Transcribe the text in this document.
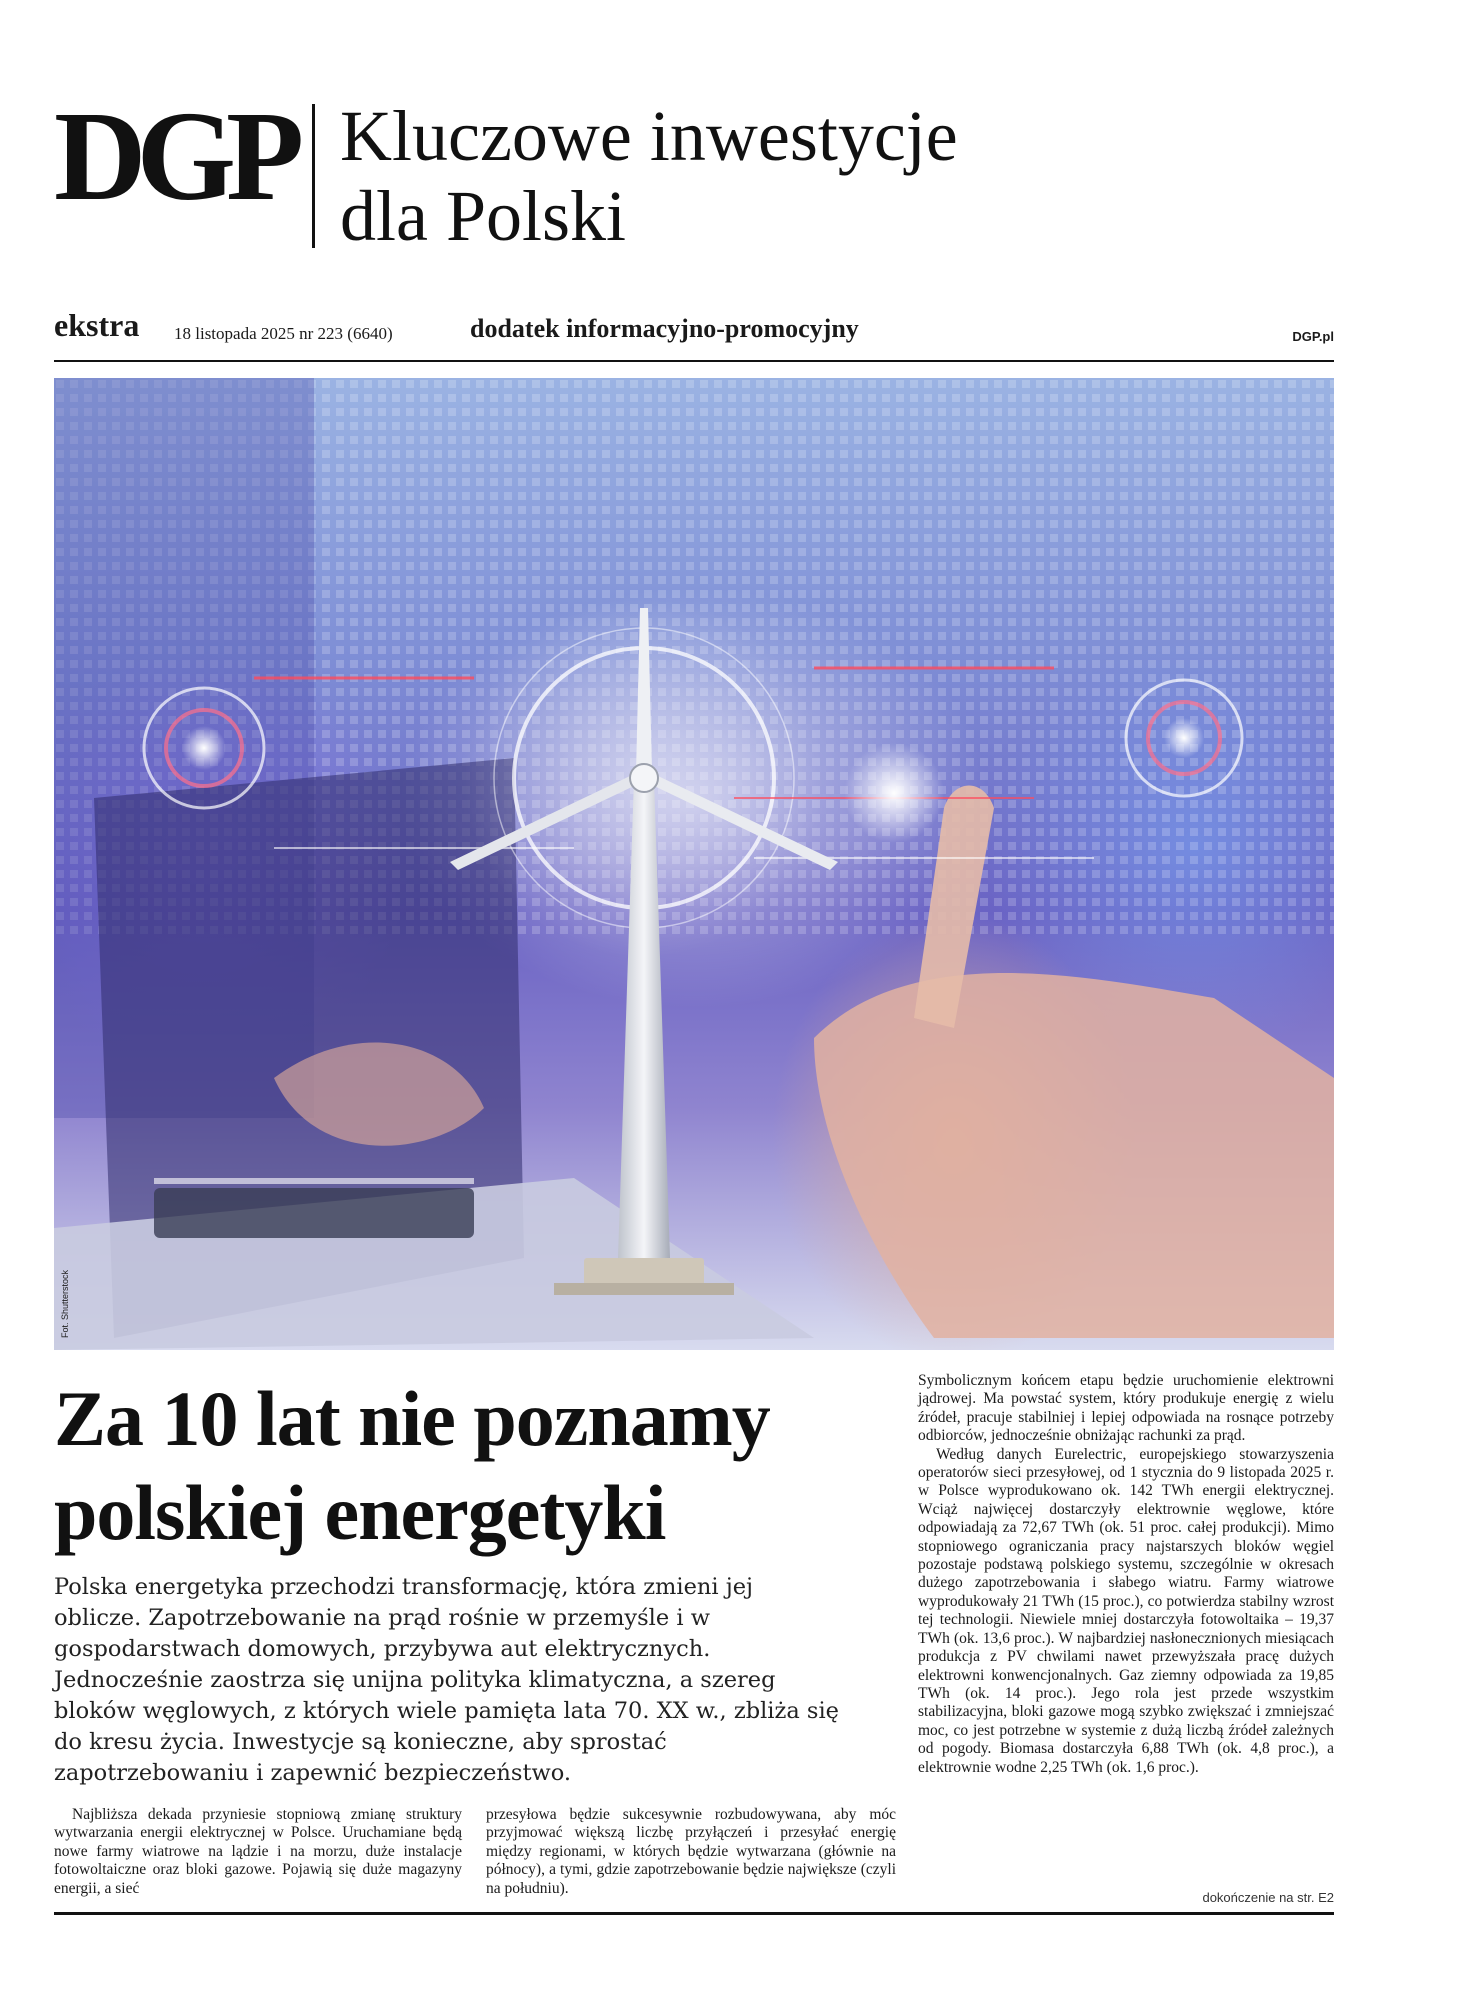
DGP Kluczowe inwestycje
dla Polski
ekstra 18 listopada 2025 nr 223 (6640)	dodatek informacyjno-promocyjny	DGP.pl
Fot. Shutterstock
Za 10 lat nie poznamy
polskiej energetyki

Polska energetyka przechodzi transformację, która zmieni jej oblicze. Zapotrzebowanie na prąd rośnie w przemyśle i w gospodarstwach domowych, przybywa aut elektrycznych. Jednocześnie zaostrza się unijna polityka klimatyczna, a szereg bloków węglowych, z których wiele pamięta lata 70. XX w., zbliża się do kresu życia. Inwestycje są konieczne, aby sprostać zapotrzebowaniu i zapewnić bezpieczeństwo.

Najbliższa dekada przyniesie stopniową zmianę struktury wytwarzania energii elektrycznej w Polsce. Uruchamiane będą nowe farmy wiatrowe na lądzie i na morzu, duże instalacje fotowoltaiczne oraz bloki gazowe. Pojawią się duże magazyny energii, a sieć

przesyłowa będzie sukcesywnie rozbudowywana, aby móc przyjmować większą liczbę przyłączeń i przesyłać energię między regionami, w których będzie wytwarzana (głównie na północy), a tymi, gdzie zapotrzebowanie będzie największe (czyli na południu).

Symbolicznym końcem etapu będzie uruchomienie elektrowni jądrowej. Ma powstać system, który produkuje energię z wielu źródeł, pracuje stabilniej i lepiej odpowiada na rosnące potrzeby odbiorców, jednocześnie obniżając rachunki za prąd.

Według danych Eurelectric, europejskiego stowarzyszenia operatorów sieci przesyłowej, od 1 stycznia do 9 listopada 2025 r. w Polsce wyprodukowano ok. 142 TWh energii elektrycznej. Wciąż najwięcej dostarczyły elektrownie węglowe, które odpowiadają za 72,67 TWh (ok. 51 proc. całej produkcji). Mimo stopniowego ograniczania pracy najstarszych bloków węgiel pozostaje podstawą polskiego systemu, szczególnie w okresach dużego zapotrzebowania i słabego wiatru. Farmy wiatrowe wyprodukowały 21 TWh (15 proc.), co potwierdza stabilny wzrost tej technologii. Niewiele mniej dostarczyła fotowoltaika – 19,37 TWh (ok. 13,6 proc.). W najbardziej nasłonecznionych miesiącach produkcja z PV chwilami nawet przewyższała pracę dużych elektrowni konwencjonalnych. Gaz ziemny odpowiada za 19,85 TWh (ok. 14 proc.). Jego rola jest przede wszystkim stabilizacyjna, bloki gazowe mogą szybko zwiększać i zmniejszać moc, co jest potrzebne w systemie z dużą liczbą źródeł zależnych od pogody. Biomasa dostarczyła 6,88 TWh (ok. 4,8 proc.), a elektrownie wodne 2,25 TWh (ok. 1,6 proc.).

dokończenie na str. E2
